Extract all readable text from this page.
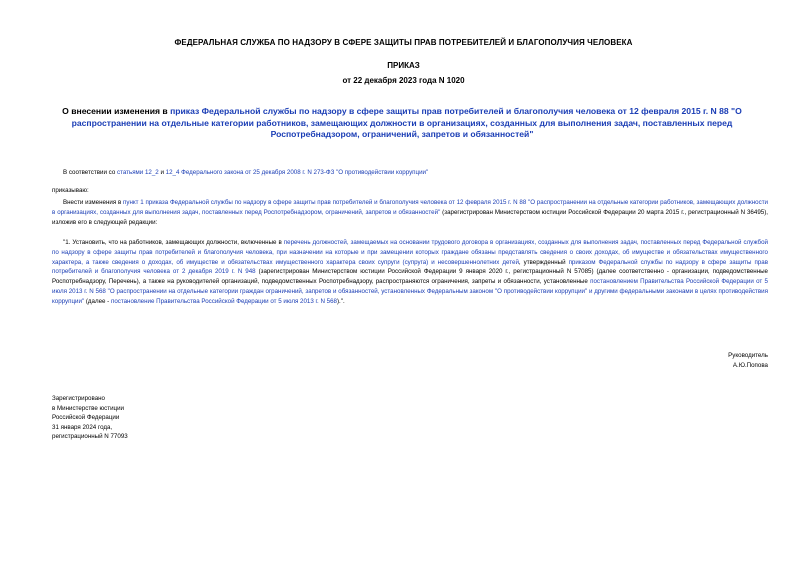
ФЕДЕРАЛЬНАЯ СЛУЖБА ПО НАДЗОРУ В СФЕРЕ ЗАЩИТЫ ПРАВ ПОТРЕБИТЕЛЕЙ И БЛАГОПОЛУЧИЯ ЧЕЛОВЕКА
ПРИКАЗ
от 22 декабря 2023 года N 1020
О внесении изменения в приказ Федеральной службы по надзору в сфере защиты прав потребителей и благополучия человека от 12 февраля 2015 г. N 88 "О распространении на отдельные категории работников, замещающих должности в организациях, созданных для выполнения задач, поставленных перед Роспотребнадзором, ограничений, запретов и обязанностей"
В соответствии со статьями 12_2 и 12_4 Федерального закона от 25 декабря 2008 г. N 273-ФЗ "О противодействии коррупции"
приказываю:
Внести изменения в пункт 1 приказа Федеральной службы по надзору в сфере защиты прав потребителей и благополучия человека от 12 февраля 2015 г. N 88 "О распространении на отдельные категории работников, замещающих должности в организациях, созданных для выполнения задач, поставленных перед Роспотребнадзором, ограничений, запретов и обязанностей" (зарегистрирован Министерством юстиции Российской Федерации 20 марта 2015 г., регистрационный N 36495), изложив его в следующей редакции:
"1. Установить, что на работников, замещающих должности, включенные в перечень должностей, замещаемых на основании трудового договора в организациях, созданных для выполнения задач, поставленных перед Федеральной службой по надзору в сфере защиты прав потребителей и благополучия человека, при назначении на которые и при замещении которых граждане обязаны представлять сведения о своих доходах, об имуществе и обязательствах имущественного характера, а также сведения о доходах, об имуществе и обязательствах имущественного характера своих супруги (супруга) и несовершеннолетних детей, утвержденный приказом Федеральной службы по надзору в сфере защиты прав потребителей и благополучия человека от 2 декабря 2019 г. N 948 (зарегистрирован Министерством юстиции Российской Федерации 9 января 2020 г., регистрационный N 57085) (далее соответственно - организации, подведомственные Роспотребнадзору, Перечень), а также на руководителей организаций, подведомственных Роспотребнадзору, распространяются ограничения, запреты и обязанности, установленные постановлением Правительства Российской Федерации от 5 июля 2013 г. N 568 "О распространении на отдельные категории граждан ограничений, запретов и обязанностей, установленных Федеральным законом "О противодействии коррупции" и другими федеральными законами в целях противодействия коррупции" (далее - постановление Правительства Российской Федерации от 5 июля 2013 г. N 568).".
Руководитель
А.Ю.Попова
Зарегистрировано
в Министерстве юстиции
Российской Федерации
31 января 2024 года,
регистрационный N 77093
